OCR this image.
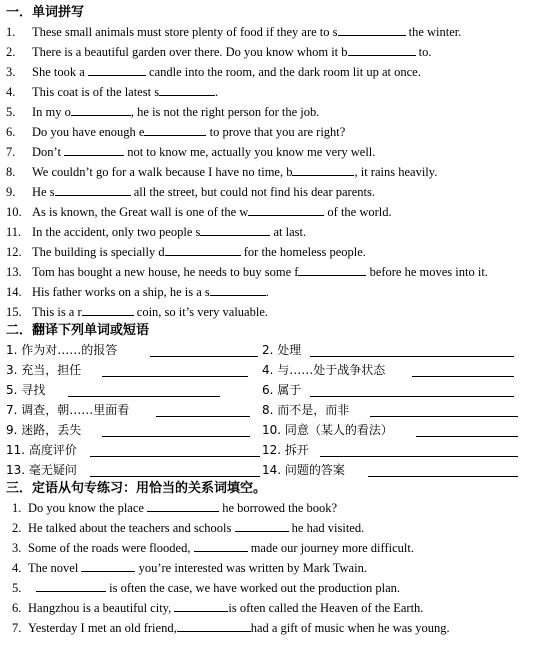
一．单词拼写
1. These small animals must store plenty of food if they are to s	the winter.
2. There is a beautiful garden over there. Do you know whom it b	to.
3. She took a	candle into the room, and the dark room lit up at once.
4. This coat is of the latest s	.
5. In my o	, he is not the right person for the job.
6. Do you have enough e	to prove that you are right?
7. Don’t	not to know me, actually you know me very well.
8. We couldn’t go for a walk because I have no time, b	, it rains heavily.
9. He s	all the street, but could not find his dear parents.
10. As is known, the Great wall is one of the w	of the world.
11. In the accident, only two people s	at last.
12. The building is specially d	for the homeless people.
13. Tom has bought a new house, he needs to buy some f	before he moves into it.
14. His father works on a ship, he is a s	.
15. This is a r	coin, so it’s very valuable.
二．翻译下列单词或短语
1. 作为对……的报答	2. 处理
3. 充当，担任	4. 与……处于战争状态
5. 寻找	6. 属于
7. 调查，朝……里面看	8. 而不是，而非
9. 迷路，丢失	10. 同意（某人的看法）
11. 高度评价	12. 拆开
13. 毫无疑问	14. 问题的答案
三．定语从句专练习：用恰当的关系词填空。
1. Do you know the place	he borrowed the book?
2. He talked about the teachers and schools	he had visited.
3. Some of the roads were flooded,	made our journey more difficult.
4. The novel	you’re interested was written by Mark Twain.
5.	is often the case, we have worked out the production plan.
6. Hangzhou is a beautiful city,	is often called the Heaven of the Earth.
7. Yesterday I met an old friend,	had a gift of music when he was young.
